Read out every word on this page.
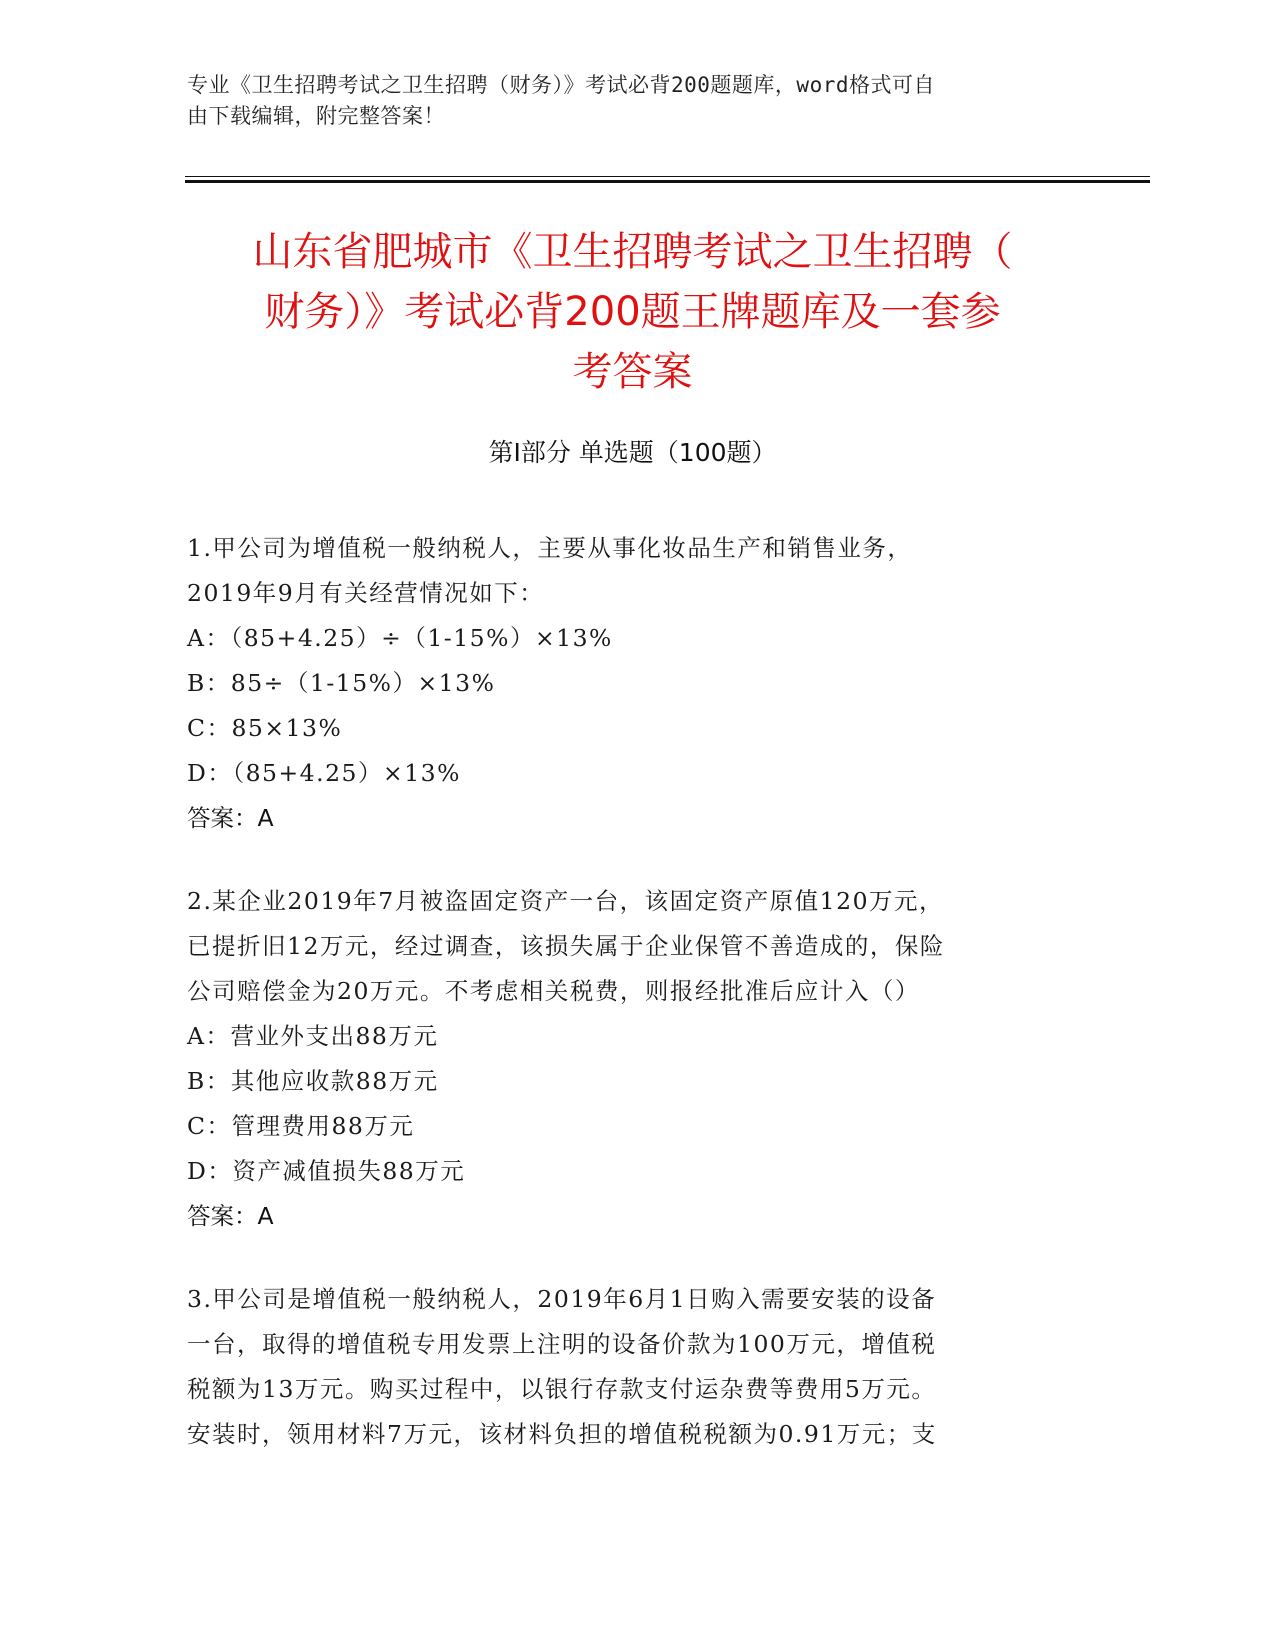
专业《卫生招聘考试之卫生招聘（财务）》考试必背200题题库，word格式可自
由下载编辑，附完整答案！
山东省肥城市《卫生招聘考试之卫生招聘（
财务）》考试必背200题王牌题库及一套参
考答案
第Ⅰ部分 单选题（100题）
1.甲公司为增值税一般纳税人，主要从事化妆品生产和销售业务，
2019年9月有关经营情况如下：
A：（85+4.25）÷（1-15%）×13%
B：85÷（1-15%）×13%
C：85×13%
D：（85+4.25）×13%
答案：A
2.某企业2019年7月被盗固定资产一台，该固定资产原值120万元，
已提折旧12万元，经过调查，该损失属于企业保管不善造成的，保险
公司赔偿金为20万元。不考虑相关税费，则报经批准后应计入（）
A：营业外支出88万元
B：其他应收款88万元
C：管理费用88万元
D：资产减值损失88万元
答案：A
3.甲公司是增值税一般纳税人，2019年6月1日购入需要安装的设备
一台，取得的增值税专用发票上注明的设备价款为100万元，增值税
税额为13万元。购买过程中，以银行存款支付运杂费等费用5万元。
安装时，领用材料7万元，该材料负担的增值税税额为0.91万元；支
